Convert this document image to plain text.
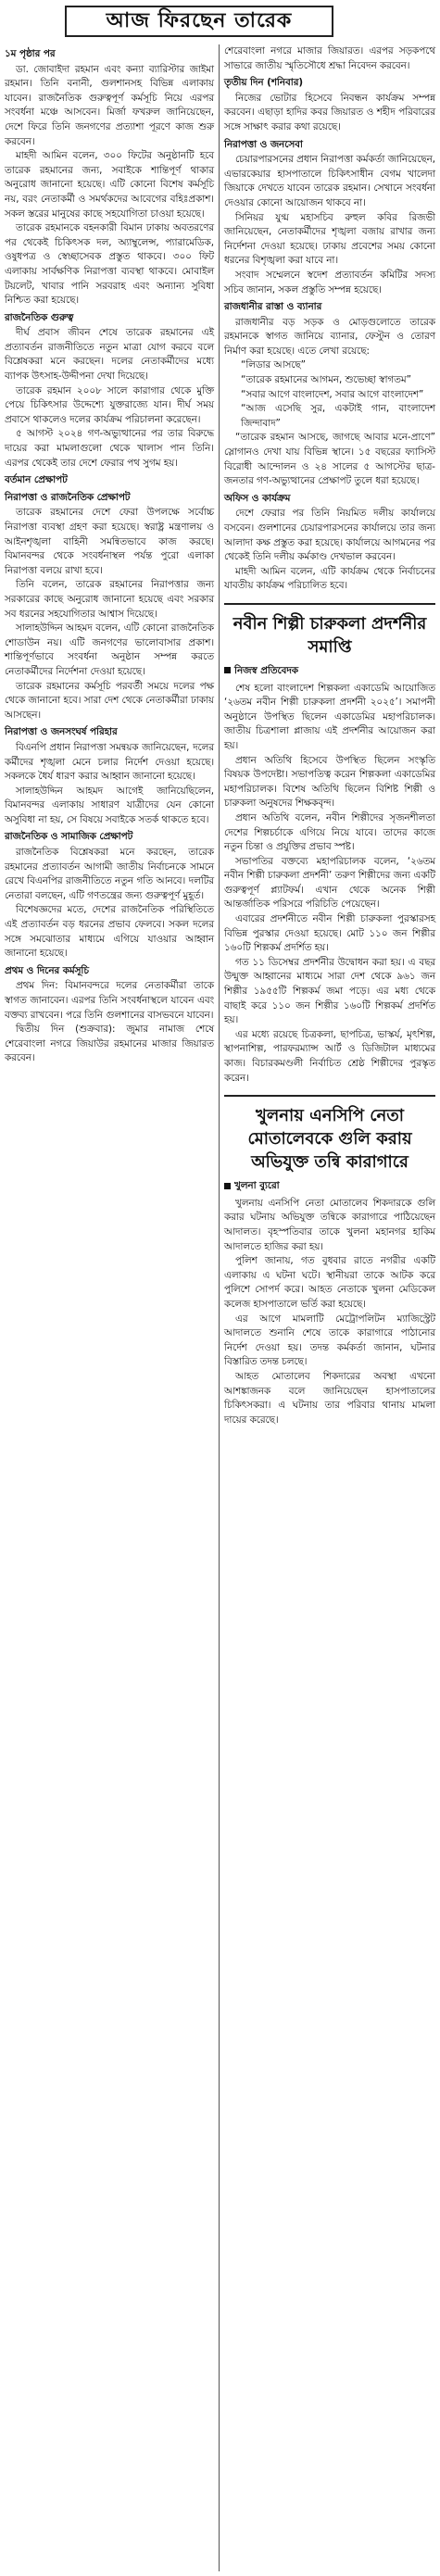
আজ ফিরছেন তারেক
১ম পৃষ্ঠার পর

ডা. জোবাইদা রহমান এবং কন্যা ব্যারিস্টার জাইমা রহমান। তিনি বনানী, গুলশানসহ বিভিন্ন এলাকায় যাবেন। রাজনৈতিক গুরুত্বপূর্ণ কর্মসূচি নিয়ে এরপর সংবর্ধনা মঞ্চে আসবেন। মির্জা ফখরুল জানিয়েছেন, দেশে ফিরে তিনি জনগণের প্রত্যাশা পূরণে কাজ শুরু করবেন।

মাহদী আমিন বলেন, ৩০০ ফিটের অনুষ্ঠানটি হবে তারেক রহমানের জন্য, সবাইকে শান্তিপূর্ণ থাকার অনুরোধ জানানো হয়েছে। এটি কোনো বিশেষ কর্মসূচি নয়, বরং নেতাকর্মী ও সমর্থকদের আবেগের বহিঃপ্রকাশ। সকল স্তরের মানুষের কাছে সহযোগিতা চাওয়া হয়েছে।

তারেক রহমানকে বহনকারী বিমান ঢাকায় অবতরণের পর থেকেই চিকিৎসক দল, অ্যাম্বুলেন্স, প্যারামেডিক, ওষুধপত্র ও স্বেচ্ছাসেবক প্রস্তুত থাকবে। ৩০০ ফিট এলাকায় সার্বক্ষণিক নিরাপত্তা ব্যবস্থা থাকবে। মোবাইল টয়লেট, খাবার পানি সরবরাহ এবং অন্যান্য সুবিধা নিশ্চিত করা হয়েছে।

রাজনৈতিক গুরুত্ব

দীর্ঘ প্রবাস জীবন শেষে তারেক রহমানের এই প্রত্যাবর্তন রাজনীতিতে নতুন মাত্রা যোগ করবে বলে বিশ্লেষকরা মনে করছেন। দলের নেতাকর্মীদের মধ্যে ব্যাপক উৎসাহ-উদ্দীপনা দেখা দিয়েছে।

তারেক রহমান ২০০৮ সালে কারাগার থেকে মুক্তি পেয়ে চিকিৎসার উদ্দেশ্যে যুক্তরাজ্যে যান। দীর্ঘ সময় প্রবাসে থাকলেও দলের কার্যক্রম পরিচালনা করেছেন।

৫ আগস্ট ২০২৪ গণ-অভ্যুত্থানের পর তার বিরুদ্ধে দায়ের করা মামলাগুলো থেকে খালাস পান তিনি। এরপর থেকেই তার দেশে ফেরার পথ সুগম হয়।

বর্তমান প্রেক্ষাপট
নিরাপত্তা ও রাজনৈতিক প্রেক্ষাপট

তারেক রহমানের দেশে ফেরা উপলক্ষে সর্বোচ্চ নিরাপত্তা ব্যবস্থা গ্রহণ করা হয়েছে। স্বরাষ্ট্র মন্ত্রণালয় ও আইনশৃঙ্খলা বাহিনী সমন্বিতভাবে কাজ করছে। বিমানবন্দর থেকে সংবর্ধনাস্থল পর্যন্ত পুরো এলাকা নিরাপত্তা বলয়ে রাখা হবে।

তিনি বলেন, তারেক রহমানের নিরাপত্তার জন্য সরকারের কাছে অনুরোধ জানানো হয়েছে এবং সরকার সব ধরনের সহযোগিতার আশ্বাস দিয়েছে।

সালাহউদ্দিন আহমদ বলেন, এটি কোনো রাজনৈতিক শোডাউন নয়। এটি জনগণের ভালোবাসার প্রকাশ। শান্তিপূর্ণভাবে সংবর্ধনা অনুষ্ঠান সম্পন্ন করতে নেতাকর্মীদের নির্দেশনা দেওয়া হয়েছে।

তারেক রহমানের কর্মসূচি পরবর্তী সময়ে দলের পক্ষ থেকে জানানো হবে। সারা দেশ থেকে নেতাকর্মীরা ঢাকায় আসছেন।

নিরাপত্তা ও জনসংঘর্ষ পরিহার

বিএনপি প্রধান নিরাপত্তা সমন্বয়ক জানিয়েছেন, দলের কর্মীদের শৃঙ্খলা মেনে চলার নির্দেশ দেওয়া হয়েছে। সকলকে ধৈর্য ধারণ করার আহ্বান জানানো হয়েছে।

সালাহউদ্দিন আহমদ আগেই জানিয়েছিলেন, বিমানবন্দর এলাকায় সাধারণ যাত্রীদের যেন কোনো অসুবিধা না হয়, সে বিষয়ে সবাইকে সতর্ক থাকতে হবে।

রাজনৈতিক ও সামাজিক প্রেক্ষাপট

রাজনৈতিক বিশ্লেষকরা মনে করছেন, তারেক রহমানের প্রত্যাবর্তন আগামী জাতীয় নির্বাচনকে সামনে রেখে বিএনপির রাজনীতিতে নতুন গতি আনবে। দলটির নেতারা বলছেন, এটি গণতন্ত্রের জন্য গুরুত্বপূর্ণ মুহূর্ত।

বিশেষজ্ঞদের মতে, দেশের রাজনৈতিক পরিস্থিতিতে এই প্রত্যাবর্তন বড় ধরনের প্রভাব ফেলবে। সকল দলের সঙ্গে সমঝোতার মাধ্যমে এগিয়ে যাওয়ার আহ্বান জানানো হয়েছে।

প্রথম ও দিনের কর্মসূচি

প্রথম দিন: বিমানবন্দরে দলের নেতাকর্মীরা তাকে স্বাগত জানাবেন। এরপর তিনি সংবর্ধনাস্থলে যাবেন এবং বক্তব্য রাখবেন। পরে তিনি গুলশানের বাসভবনে যাবেন।

দ্বিতীয় দিন (শুক্রবার): জুমার নামাজ শেষে শেরেবাংলা নগরে জিয়াউর রহমানের মাজার জিয়ারত করবেন।

শেরেবাংলা নগরে মাজার জিয়ারত। এরপর সড়কপথে সাভারে জাতীয় স্মৃতিসৌধে শ্রদ্ধা নিবেদন করবেন।

তৃতীয় দিন (শনিবার)

নিজের ভোটার হিসেবে নিবন্ধন কার্যক্রম সম্পন্ন করবেন। এছাড়া হাদির কবর জিয়ারত ও শহীদ পরিবারের সঙ্গে সাক্ষাৎ করার কথা রয়েছে।

নিরাপত্তা ও জনসেবা

চেয়ারপারসনের প্রধান নিরাপত্তা কর্মকর্তা জানিয়েছেন, এভারকেয়ার হাসপাতালে চিকিৎসাধীন বেগম খালেদা জিয়াকে দেখতে যাবেন তারেক রহমান। সেখানে সংবর্ধনা দেওয়ার কোনো আয়োজন থাকবে না।

সিনিয়র যুগ্ম মহাসচিব রুহুল কবির রিজভী জানিয়েছেন, নেতাকর্মীদের শৃঙ্খলা বজায় রাখার জন্য নির্দেশনা দেওয়া হয়েছে। ঢাকায় প্রবেশের সময় কোনো ধরনের বিশৃঙ্খলা করা যাবে না।

সংবাদ সম্মেলনে স্বদেশ প্রত্যাবর্তন কমিটির সদস্য সচিব জানান, সকল প্রস্তুতি সম্পন্ন হয়েছে।

রাজধানীর রাস্তা ও ব্যানার

রাজধানীর বড় সড়ক ও মোড়গুলোতে তারেক রহমানকে স্বাগত জানিয়ে ব্যানার, ফেস্টুন ও তোরণ নির্মাণ করা হয়েছে। এতে লেখা রয়েছে:

“লিডার আসছে”

“তারেক রহমানের আগমন, শুভেচ্ছা স্বাগতম”

“সবার আগে বাংলাদেশ, সবার আগে বাংলাদেশ”

“আজ এসেছি সুর, একটাই গান, বাংলাদেশ জিন্দাবাদ”

“তারেক রহমান আসছে, জাগছে আবার মনে-প্রাণে” স্লোগানও দেখা যায় বিভিন্ন স্থানে। ১৫ বছরের ফ্যাসিস্ট বিরোধী আন্দোলন ও ২৪ সালের ৫ আগস্টের ছাত্র-জনতার গণ-অভ্যুত্থানের প্রেক্ষাপট তুলে ধরা হয়েছে।

অফিস ও কার্যক্রম

দেশে ফেরার পর তিনি নিয়মিত দলীয় কার্যালয়ে বসবেন। গুলশানের চেয়ারপারসনের কার্যালয়ে তার জন্য আলাদা কক্ষ প্রস্তুত করা হয়েছে। কার্যালয়ে আগমনের পর থেকেই তিনি দলীয় কর্মকাণ্ড দেখভাল করবেন।

মাহদী আমিন বলেন, এটি কার্যক্রম থেকে নির্বাচনের যাবতীয় কার্যক্রম পরিচালিত হবে।

নবীন শিল্পী চারুকলা প্রদর্শনীর সমাপ্তি
নিজস্ব প্রতিবেদক

শেষ হলো বাংলাদেশ শিল্পকলা একাডেমি আয়োজিত ‘২৬তম নবীন শিল্পী চারুকলা প্রদর্শনী ২০২৫’। সমাপনী অনুষ্ঠানে উপস্থিত ছিলেন একাডেমির মহাপরিচালক। জাতীয় চিত্রশালা প্লাজায় এই প্রদর্শনীর আয়োজন করা হয়।

প্রধান অতিথি হিসেবে উপস্থিত ছিলেন সংস্কৃতি বিষয়ক উপদেষ্টা। সভাপতিত্ব করেন শিল্পকলা একাডেমির মহাপরিচালক। বিশেষ অতিথি ছিলেন বিশিষ্ট শিল্পী ও চারুকলা অনুষদের শিক্ষকবৃন্দ।

প্রধান অতিথি বলেন, নবীন শিল্পীদের সৃজনশীলতা দেশের শিল্পচর্চাকে এগিয়ে নিয়ে যাবে। তাদের কাজে নতুন চিন্তা ও প্রযুক্তির প্রভাব স্পষ্ট।

সভাপতির বক্তব্যে মহাপরিচালক বলেন, ‘২৬তম নবীন শিল্পী চারুকলা প্রদর্শনী’ তরুণ শিল্পীদের জন্য একটি গুরুত্বপূর্ণ প্ল্যাটফর্ম। এখান থেকে অনেক শিল্পী আন্তর্জাতিক পরিসরে পরিচিতি পেয়েছেন।

এবারের প্রদর্শনীতে নবীন শিল্পী চারুকলা পুরস্কারসহ বিভিন্ন পুরস্কার দেওয়া হয়েছে। মোট ১১০ জন শিল্পীর ১৬০টি শিল্পকর্ম প্রদর্শিত হয়।

গত ১১ ডিসেম্বর প্রদর্শনীর উদ্বোধন করা হয়। এ বছর উন্মুক্ত আহ্বানের মাধ্যমে সারা দেশ থেকে ৯৬১ জন শিল্পীর ১৯৫৫টি শিল্পকর্ম জমা পড়ে। এর মধ্য থেকে বাছাই করে ১১০ জন শিল্পীর ১৬০টি শিল্পকর্ম প্রদর্শিত হয়।

এর মধ্যে রয়েছে চিত্রকলা, ছাপচিত্র, ভাস্কর্য, মৃৎশিল্প, স্থাপনাশিল্প, পারফরম্যান্স আর্ট ও ডিজিটাল মাধ্যমের কাজ। বিচারকমণ্ডলী নির্বাচিত শ্রেষ্ঠ শিল্পীদের পুরস্কৃত করেন।

খুলনায় এনসিপি নেতা মোতালেবকে গুলি করায় অভিযুক্ত তন্বি কারাগারে
খুলনা ব্যুরো

খুলনায় এনসিপি নেতা মোতালেব শিকদারকে গুলি করার ঘটনায় অভিযুক্ত তন্বিকে কারাগারে পাঠিয়েছেন আদালত। বৃহস্পতিবার তাকে খুলনা মহানগর হাকিম আদালতে হাজির করা হয়।

পুলিশ জানায়, গত বুধবার রাতে নগরীর একটি এলাকায় এ ঘটনা ঘটে। স্থানীয়রা তাকে আটক করে পুলিশে সোপর্দ করে। আহত নেতাকে খুলনা মেডিকেল কলেজ হাসপাতালে ভর্তি করা হয়েছে।

এর আগে মামলাটি মেট্রোপলিটন ম্যাজিস্ট্রেট আদালতে শুনানি শেষে তাকে কারাগারে পাঠানোর নির্দেশ দেওয়া হয়। তদন্ত কর্মকর্তা জানান, ঘটনার বিস্তারিত তদন্ত চলছে।

আহত মোতালেব শিকদারের অবস্থা এখনো আশঙ্কাজনক বলে জানিয়েছেন হাসপাতালের চিকিৎসকরা। এ ঘটনায় তার পরিবার থানায় মামলা দায়ের করেছে।
